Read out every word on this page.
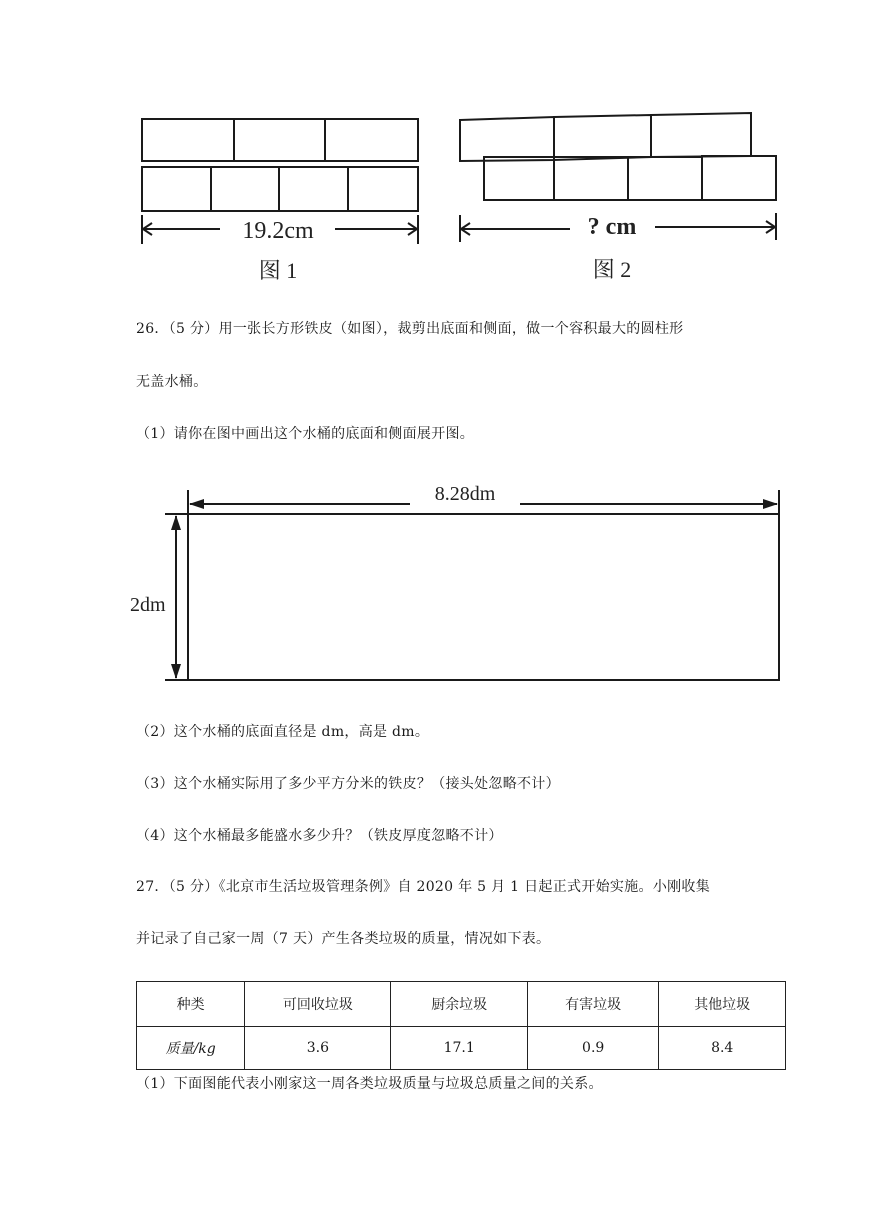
19.2cm
图 1
? cm
图 2
26．（5 分）用一张长方形铁皮（如图），裁剪出底面和侧面，做一个容积最大的圆柱形
无盖水桶。
（1）请你在图中画出这个水桶的底面和侧面展开图。
8.28dm
2dm
（2）这个水桶的底面直径是 dm，高是 dm。
（3）这个水桶实际用了多少平方分米的铁皮？（接头处忽略不计）
（4）这个水桶最多能盛水多少升？（铁皮厚度忽略不计）
27．（5 分）《北京市生活垃圾管理条例》自 2020 年 5 月 1 日起正式开始实施。小刚收集
并记录了自己家一周（7 天）产生各类垃圾的质量，情况如下表。
种类	可回收垃圾	厨余垃圾	有害垃圾	其他垃圾
质量/kg	3.6	17.1	0.9	8.4
（1）下面图能代表小刚家这一周各类垃圾质量与垃圾总质量之间的关系。
